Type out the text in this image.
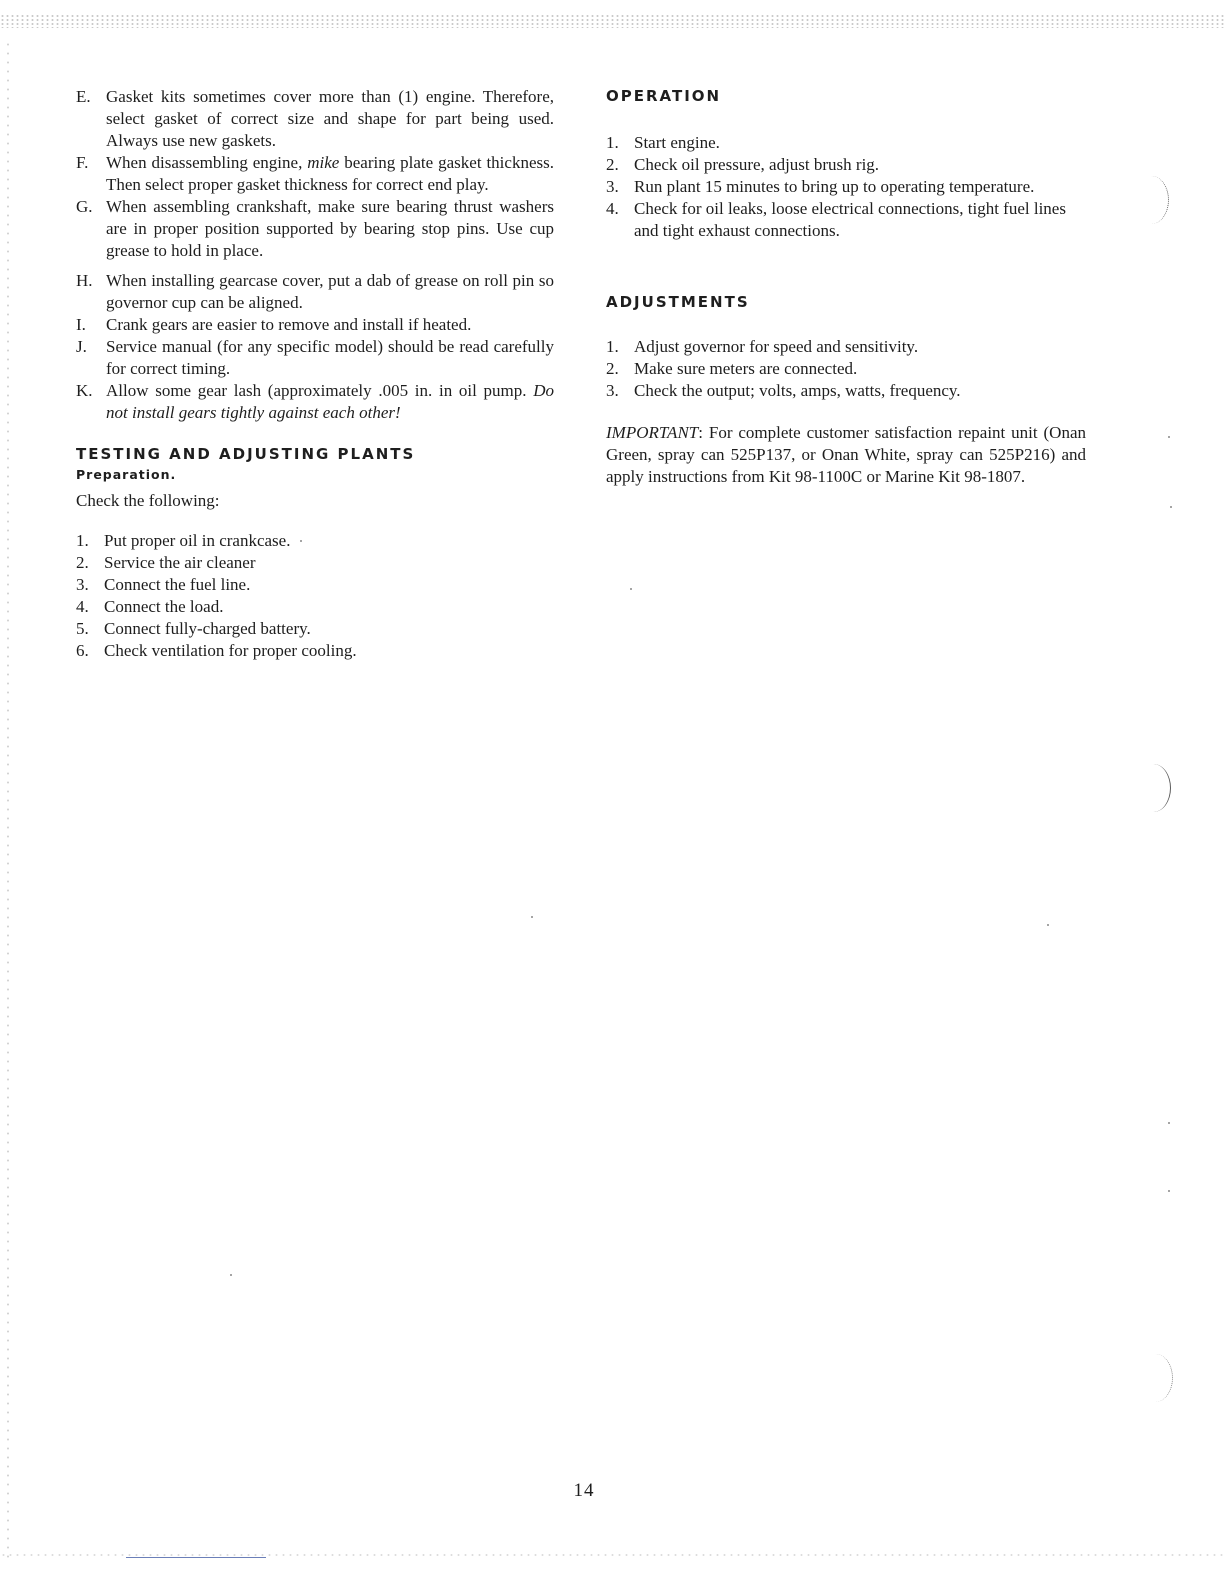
E. Gasket kits sometimes cover more than (1) engine. Therefore, select gasket of correct size and shape for part being used. Always use new gaskets.
F. When disassembling engine, mike bearing plate gasket thickness. Then select proper gasket thickness for correct end play.
G. When assembling crankshaft, make sure bearing thrust washers are in proper position supported by bearing stop pins. Use cup grease to hold in place.
H. When installing gearcase cover, put a dab of grease on roll pin so governor cup can be aligned.
I. Crank gears are easier to remove and install if heated.
J. Service manual (for any specific model) should be read carefully for correct timing.
K. Allow some gear lash (approximately .005 in. in oil pump. Do not install gears tightly against each other!
TESTING AND ADJUSTING PLANTS
Preparation.
Check the following:
1. Put proper oil in crankcase.
2. Service the air cleaner
3. Connect the fuel line.
4. Connect the load.
5. Connect fully-charged battery.
6. Check ventilation for proper cooling.
OPERATION
1. Start engine.
2. Check oil pressure, adjust brush rig.
3. Run plant 15 minutes to bring up to operating temperature.
4. Check for oil leaks, loose electrical connections, tight fuel lines and tight exhaust connections.
ADJUSTMENTS
1. Adjust governor for speed and sensitivity.
2. Make sure meters are connected.
3. Check the output; volts, amps, watts, frequency.

IMPORTANT: For complete customer satisfaction repaint unit (Onan Green, spray can 525P137, or Onan White, spray can 525P216) and apply instructions from Kit 98-1100C or Marine Kit 98-1807.

14
